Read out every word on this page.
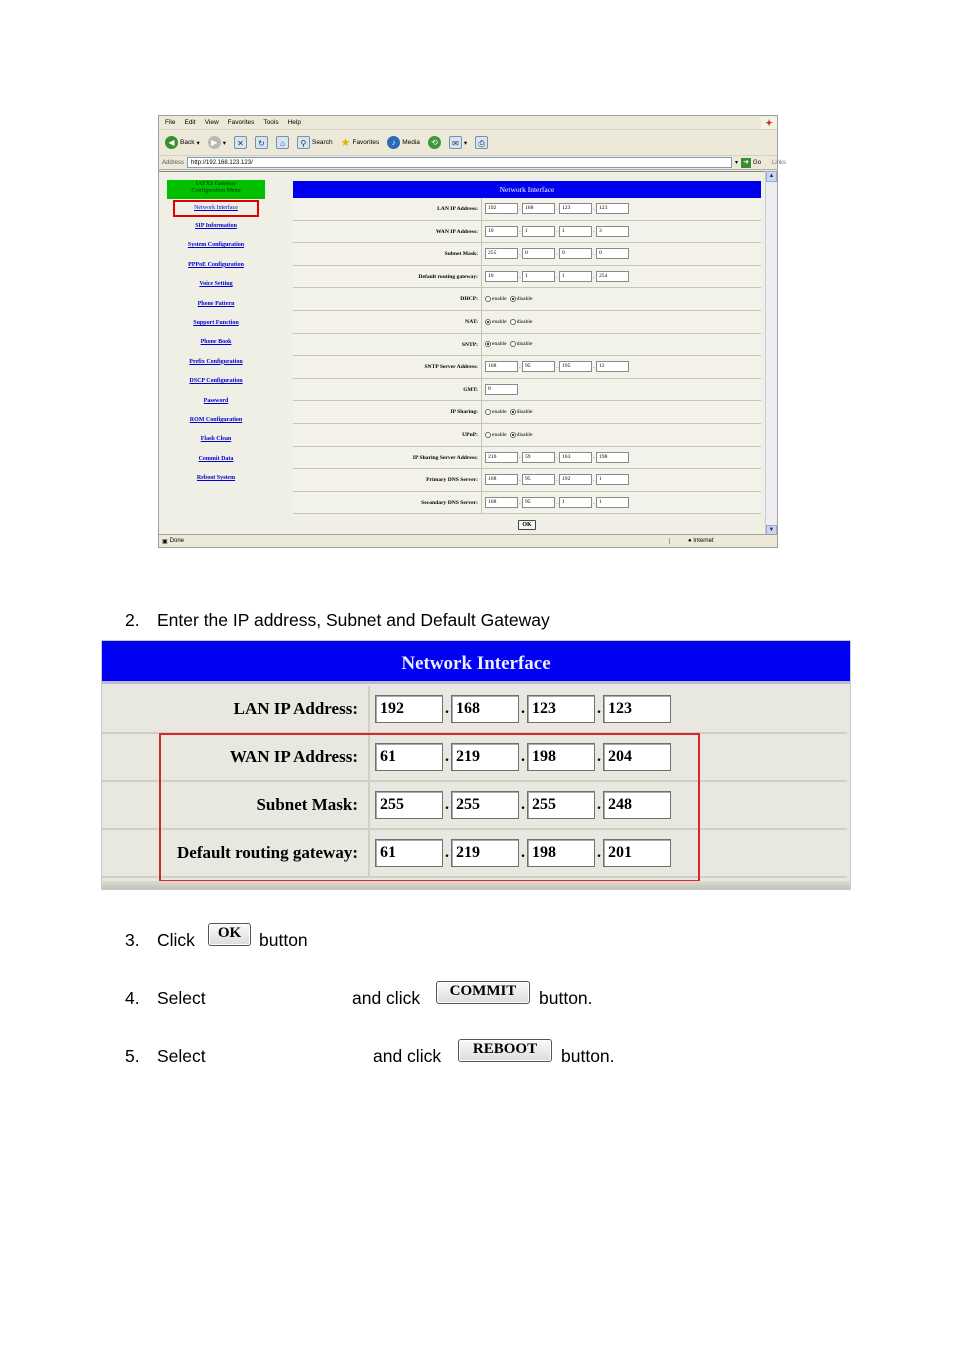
File Edit View Favorites Tools Help	✦
◀ Back ▾	▶ ▾	✕	↻	⌂	⚲ Search ★ Favorites	♪	Media	⟲	✉ ▾	⎙
Address	http://192.168.123.123/	▾ ➔ Go Links
IAFXS Gateway
Configuration Menu
Network Interface
SIP Information
System Configuration
PPPoE Configuration
Voice Setting
Phone Pattern
Support Function
Phone Book
Prefix Configuration
DSCP Configuration
Password
ROM Configuration
Flash Clean
Commit Data
Reboot System
Network Interface
LAN IP Address:	192	. 168	. 123	. 123
WAN IP Address:	10	. 1	. 1	. 3
Subnet Mask:	255	. 0	. 0	. 0
Default routing gateway:	10	. 1	. 1	. 254
DHCP:	enable disable
NAT:	enable disable
SNTP:	enable disable
SNTP Server Address:	168	. 95	. 195	. 12
GMT:	8
IP Sharing:	enable disable
UPnP:	enable disable
IP Sharing Server Address:	210	. 59	. 163	. 198
Primary DNS Server:	168	. 95	. 192	. 1
Secondary DNS Server:	168	. 95	. 1	. 1
OK
▲
▼
▣ Done	● Internet
2. Enter the IP address, Subnet and Default Gateway
Network Interface
LAN IP Address:	192	. 168	. 123	. 123
WAN IP Address:	61	. 219	. 198	. 204
Subnet Mask:	255	. 255	. 255	. 248
Default routing gateway:	61	. 219	. 198	. 201
3. Click	OK	button
4. Select	and click	COMMIT	button.
5. Select	and click	REBOOT	button.
